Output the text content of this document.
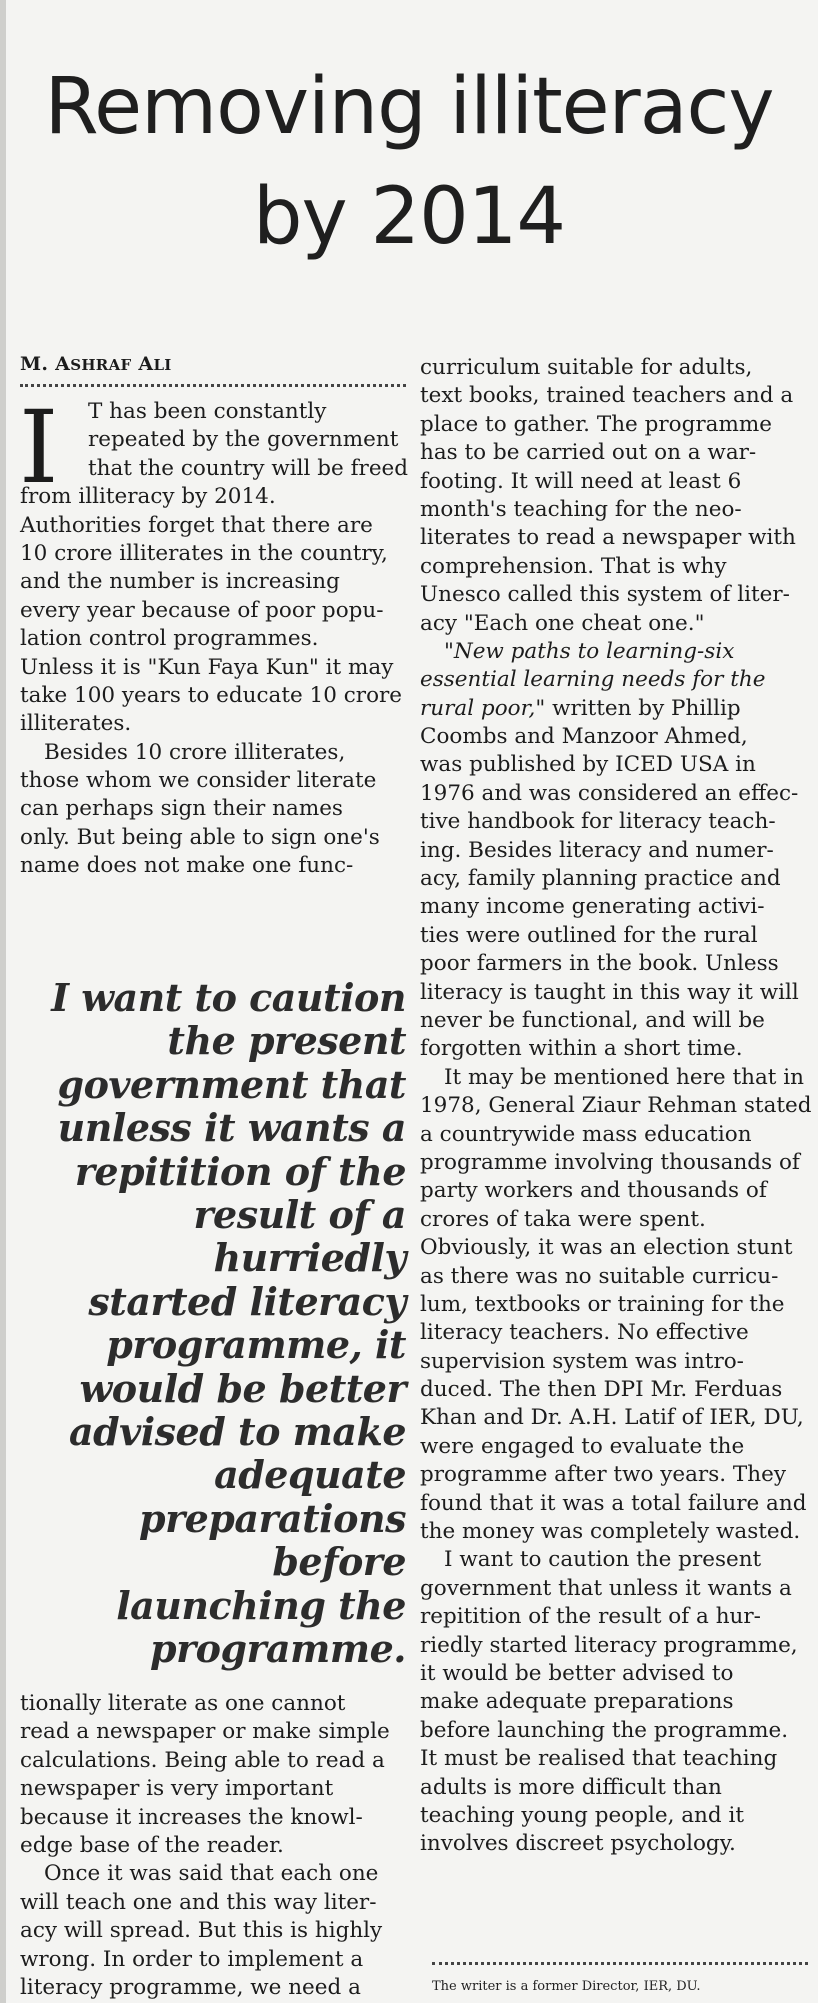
Removing illiteracy
by 2014
M. ASHRAF ALI
I	T has been constantly
repeated by the government
that the country will be freed
from illiteracy by 2014.
Authorities forget that there are
10 crore illiterates in the country,
and the number is increasing
every year because of poor popu-
lation control programmes.
Unless it is "Kun Faya Kun" it may
take 100 years to educate 10 crore
illiterates.
Besides 10 crore illiterates,
those whom we consider literate
can perhaps sign their names
only. But being able to sign one's
name does not make one func-
I want to caution
the present
government that
unless it wants a
repitition of the
result of a hurriedly
started literacy
programme, it
would be better
advised to make
adequate
preparations before
launching the
programme.
tionally literate as one cannot
read a newspaper or make simple
calculations. Being able to read a
newspaper is very important
because it increases the knowl-
edge base of the reader.
Once it was said that each one
will teach one and this way liter-
acy will spread. But this is highly
wrong. In order to implement a
literacy programme, we need a
curriculum suitable for adults,
text books, trained teachers and a
place to gather. The programme
has to be carried out on a war-
footing. It will need at least 6
month's teaching for the neo-
literates to read a newspaper with
comprehension. That is why
Unesco called this system of liter-
acy "Each one cheat one."
"New paths to learning-six
essential learning needs for the
rural poor," written by Phillip
Coombs and Manzoor Ahmed,
was published by ICED USA in
1976 and was considered an effec-
tive handbook for literacy teach-
ing. Besides literacy and numer-
acy, family planning practice and
many income generating activi-
ties were outlined for the rural
poor farmers in the book. Unless
literacy is taught in this way it will
never be functional, and will be
forgotten within a short time.
It may be mentioned here that in
1978, General Ziaur Rehman stated
a countrywide mass education
programme involving thousands of
party workers and thousands of
crores of taka were spent.
Obviously, it was an election stunt
as there was no suitable curricu-
lum, textbooks or training for the
literacy teachers. No effective
supervision system was intro-
duced. The then DPI Mr. Ferduas
Khan and Dr. A.H. Latif of IER, DU,
were engaged to evaluate the
programme after two years. They
found that it was a total failure and
the money was completely wasted.
I want to caution the present
government that unless it wants a
repitition of the result of a hur-
riedly started literacy programme,
it would be better advised to
make adequate preparations
before launching the programme.
It must be realised that teaching
adults is more difficult than
teaching young people, and it
involves discreet psychology.
The writer is a former Director, IER, DU.
